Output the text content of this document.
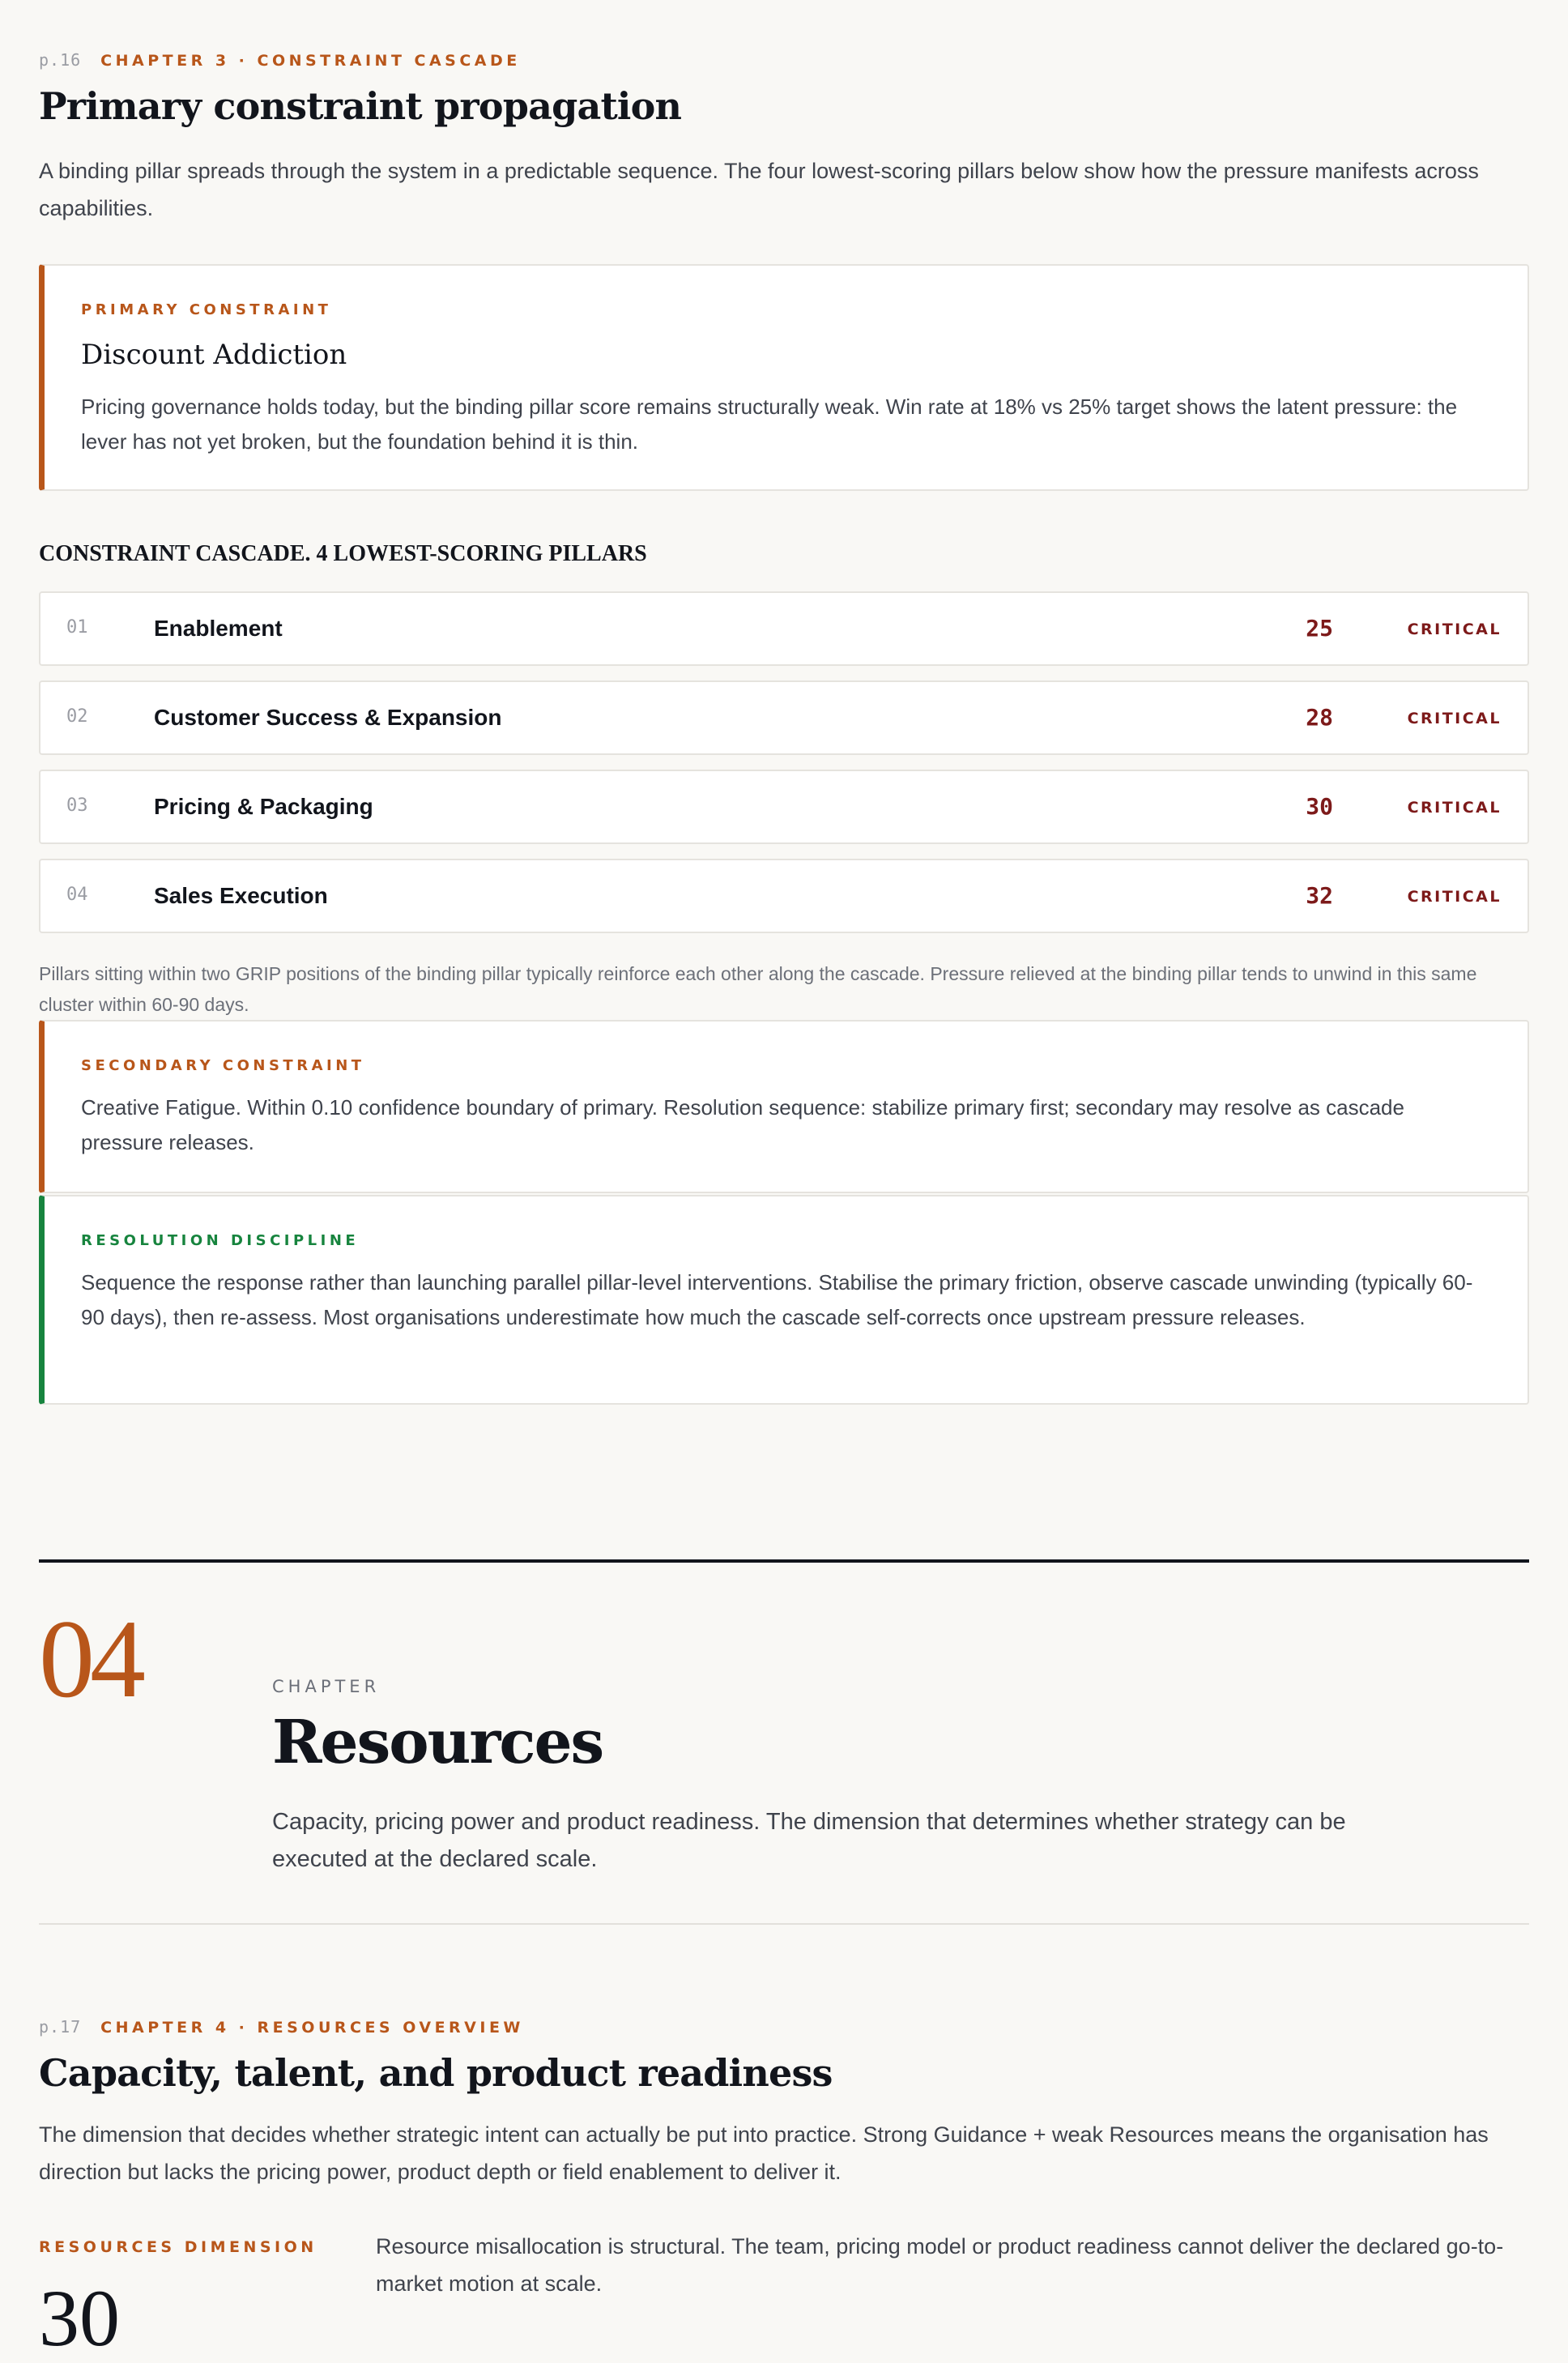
p.16 CHAPTER 3 · CONSTRAINT CASCADE
Primary constraint propagation
A binding pillar spreads through the system in a predictable sequence. The four lowest-scoring pillars below show how the pressure manifests across capabilities.
PRIMARY CONSTRAINT
Discount Addiction
Pricing governance holds today, but the binding pillar score remains structurally weak. Win rate at 18% vs 25% target shows the latent pressure: the lever has not yet broken, but the foundation behind it is thin.
CONSTRAINT CASCADE. 4 LOWEST-SCORING PILLARS
01	Enablement	25	CRITICAL
02	Customer Success & Expansion	28	CRITICAL
03	Pricing & Packaging	30	CRITICAL
04	Sales Execution	32	CRITICAL
Pillars sitting within two GRIP positions of the binding pillar typically reinforce each other along the cascade. Pressure relieved at the binding pillar tends to unwind in this same cluster within 60-90 days.
SECONDARY CONSTRAINT
Creative Fatigue. Within 0.10 confidence boundary of primary. Resolution sequence: stabilize primary first; secondary may resolve as cascade pressure releases.
RESOLUTION DISCIPLINE
Sequence the response rather than launching parallel pillar-level interventions. Stabilise the primary friction, observe cascade unwinding (typically 60-90 days), then re-assess. Most organisations underestimate how much the cascade self-corrects once upstream pressure releases.
04	CHAPTER
Resources
Capacity, pricing power and product readiness. The dimension that determines whether strategy can be executed at the declared scale.
p.17 CHAPTER 4 · RESOURCES OVERVIEW
Capacity, talent, and product readiness
The dimension that decides whether strategic intent can actually be put into practice. Strong Guidance + weak Resources means the organisation has direction but lacks the pricing power, product depth or field enablement to deliver it.
RESOURCES DIMENSION
30
Resource misallocation is structural. The team, pricing model or product readiness cannot deliver the declared go-to-market motion at scale.
